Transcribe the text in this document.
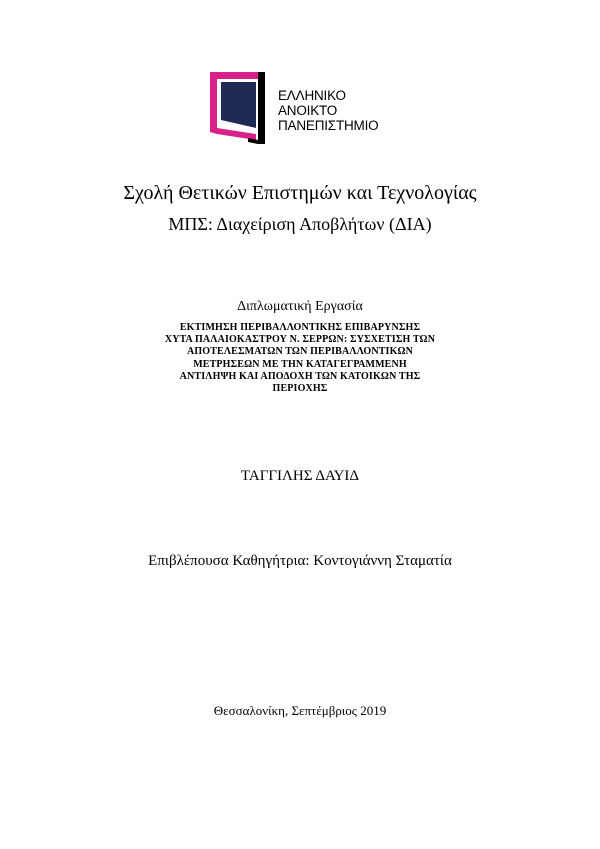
ΕΛΛΗΝΙΚΟ
ΑΝΟΙΚΤΟ
ΠΑΝΕΠΙΣΤΗΜΙΟ
Σχολή Θετικών Επιστημών και Τεχνολογίας
ΜΠΣ: Διαχείριση Αποβλήτων (ΔΙΑ)
Διπλωματική Εργασία
ΕΚΤΙΜΗΣΗ ΠΕΡΙΒΑΛΛΟΝΤΙΚΗΣ ΕΠΙΒΑΡΥΝΣΗΣ
ΧΥΤΑ ΠΑΛΑΙΟΚΑΣΤΡΟΥ Ν. ΣΕΡΡΩΝ: ΣΥΣΧΕΤΙΣΗ ΤΩΝ
ΑΠΟΤΕΛΕΣΜΑΤΩΝ ΤΩΝ ΠΕΡΙΒΑΛΛΟΝΤΙΚΩΝ
ΜΕΤΡΗΣΕΩΝ ΜΕ ΤΗΝ ΚΑΤΑΓΕΓΡΑΜΜΕΝΗ
ΑΝΤΙΛΗΨΗ ΚΑΙ ΑΠΟΔΟΧΗ ΤΩΝ ΚΑΤΟΙΚΩΝ ΤΗΣ
ΠΕΡΙΟΧΗΣ
ΤΑΓΓΙΛΗΣ ΔΑΥΙΔ
Επιβλέπουσα Καθηγήτρια: Κοντογιάννη Σταματία
Θεσσαλονίκη, Σεπτέμβριος 2019
